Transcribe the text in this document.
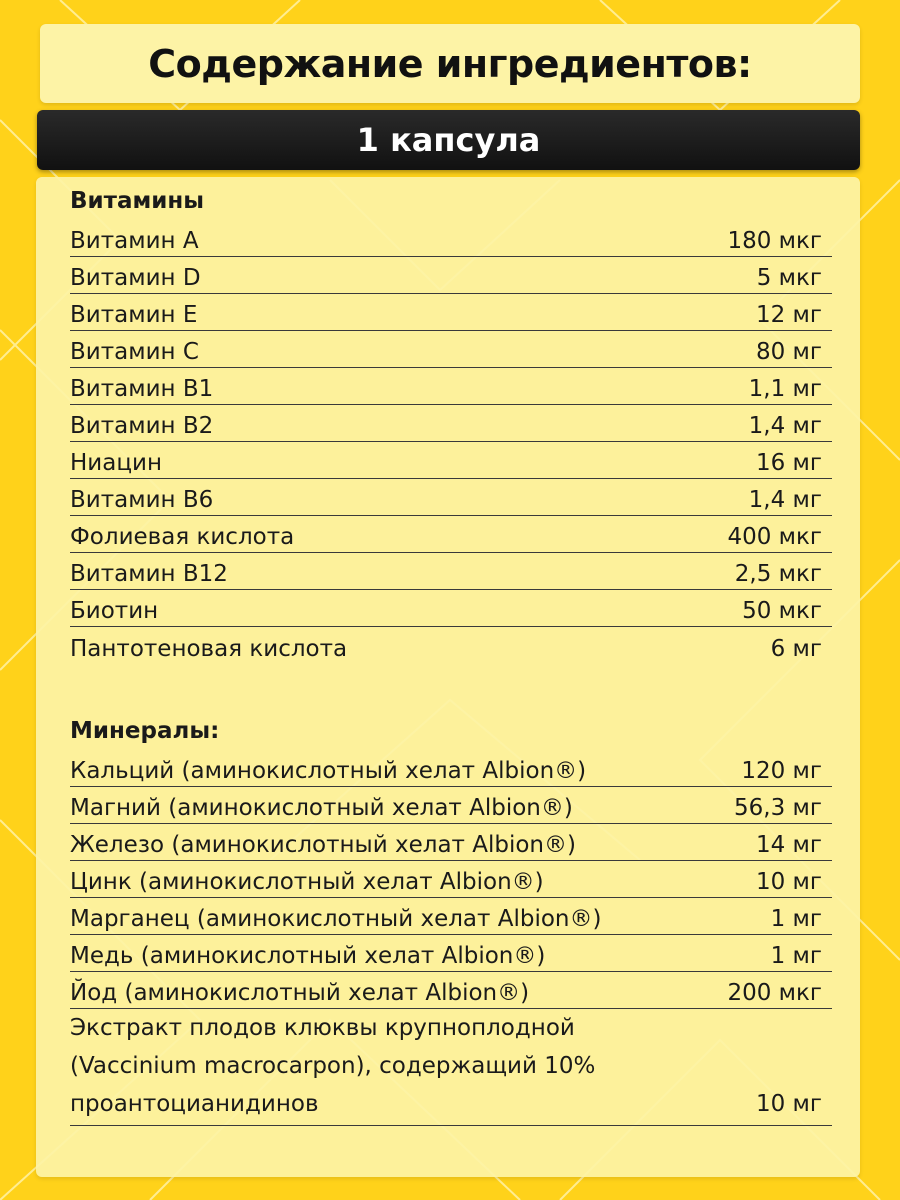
Содержание ингредиентов:
1 капсула
Витамины
Витамин А	180 мкг
Витамин D	5 мкг
Витамин Е	12 мг
Витамин С	80 мг
Витамин В1	1,1 мг
Витамин В2	1,4 мг
Ниацин	16 мг
Витамин В6	1,4 мг
Фолиевая кислота	400 мкг
Витамин В12	2,5 мкг
Биотин	50 мкг
Пантотеновая кислота	6 мг
Минералы:
Кальций (аминокислотный хелат Albion®)	120 мг
Магний (аминокислотный хелат Albion®)	56,3 мг
Железо (аминокислотный хелат Albion®)	14 мг
Цинк (аминокислотный хелат Albion®)	10 мг
Марганец (аминокислотный хелат Albion®)	1 мг
Медь (аминокислотный хелат Albion®)	1 мг
Йод (аминокислотный хелат Albion®)	200 мкг
Экстракт плодов клюквы крупноплодной
(Vaccinium macrocarpon), содержащий 10%
проантоцианидинов	10 мг
